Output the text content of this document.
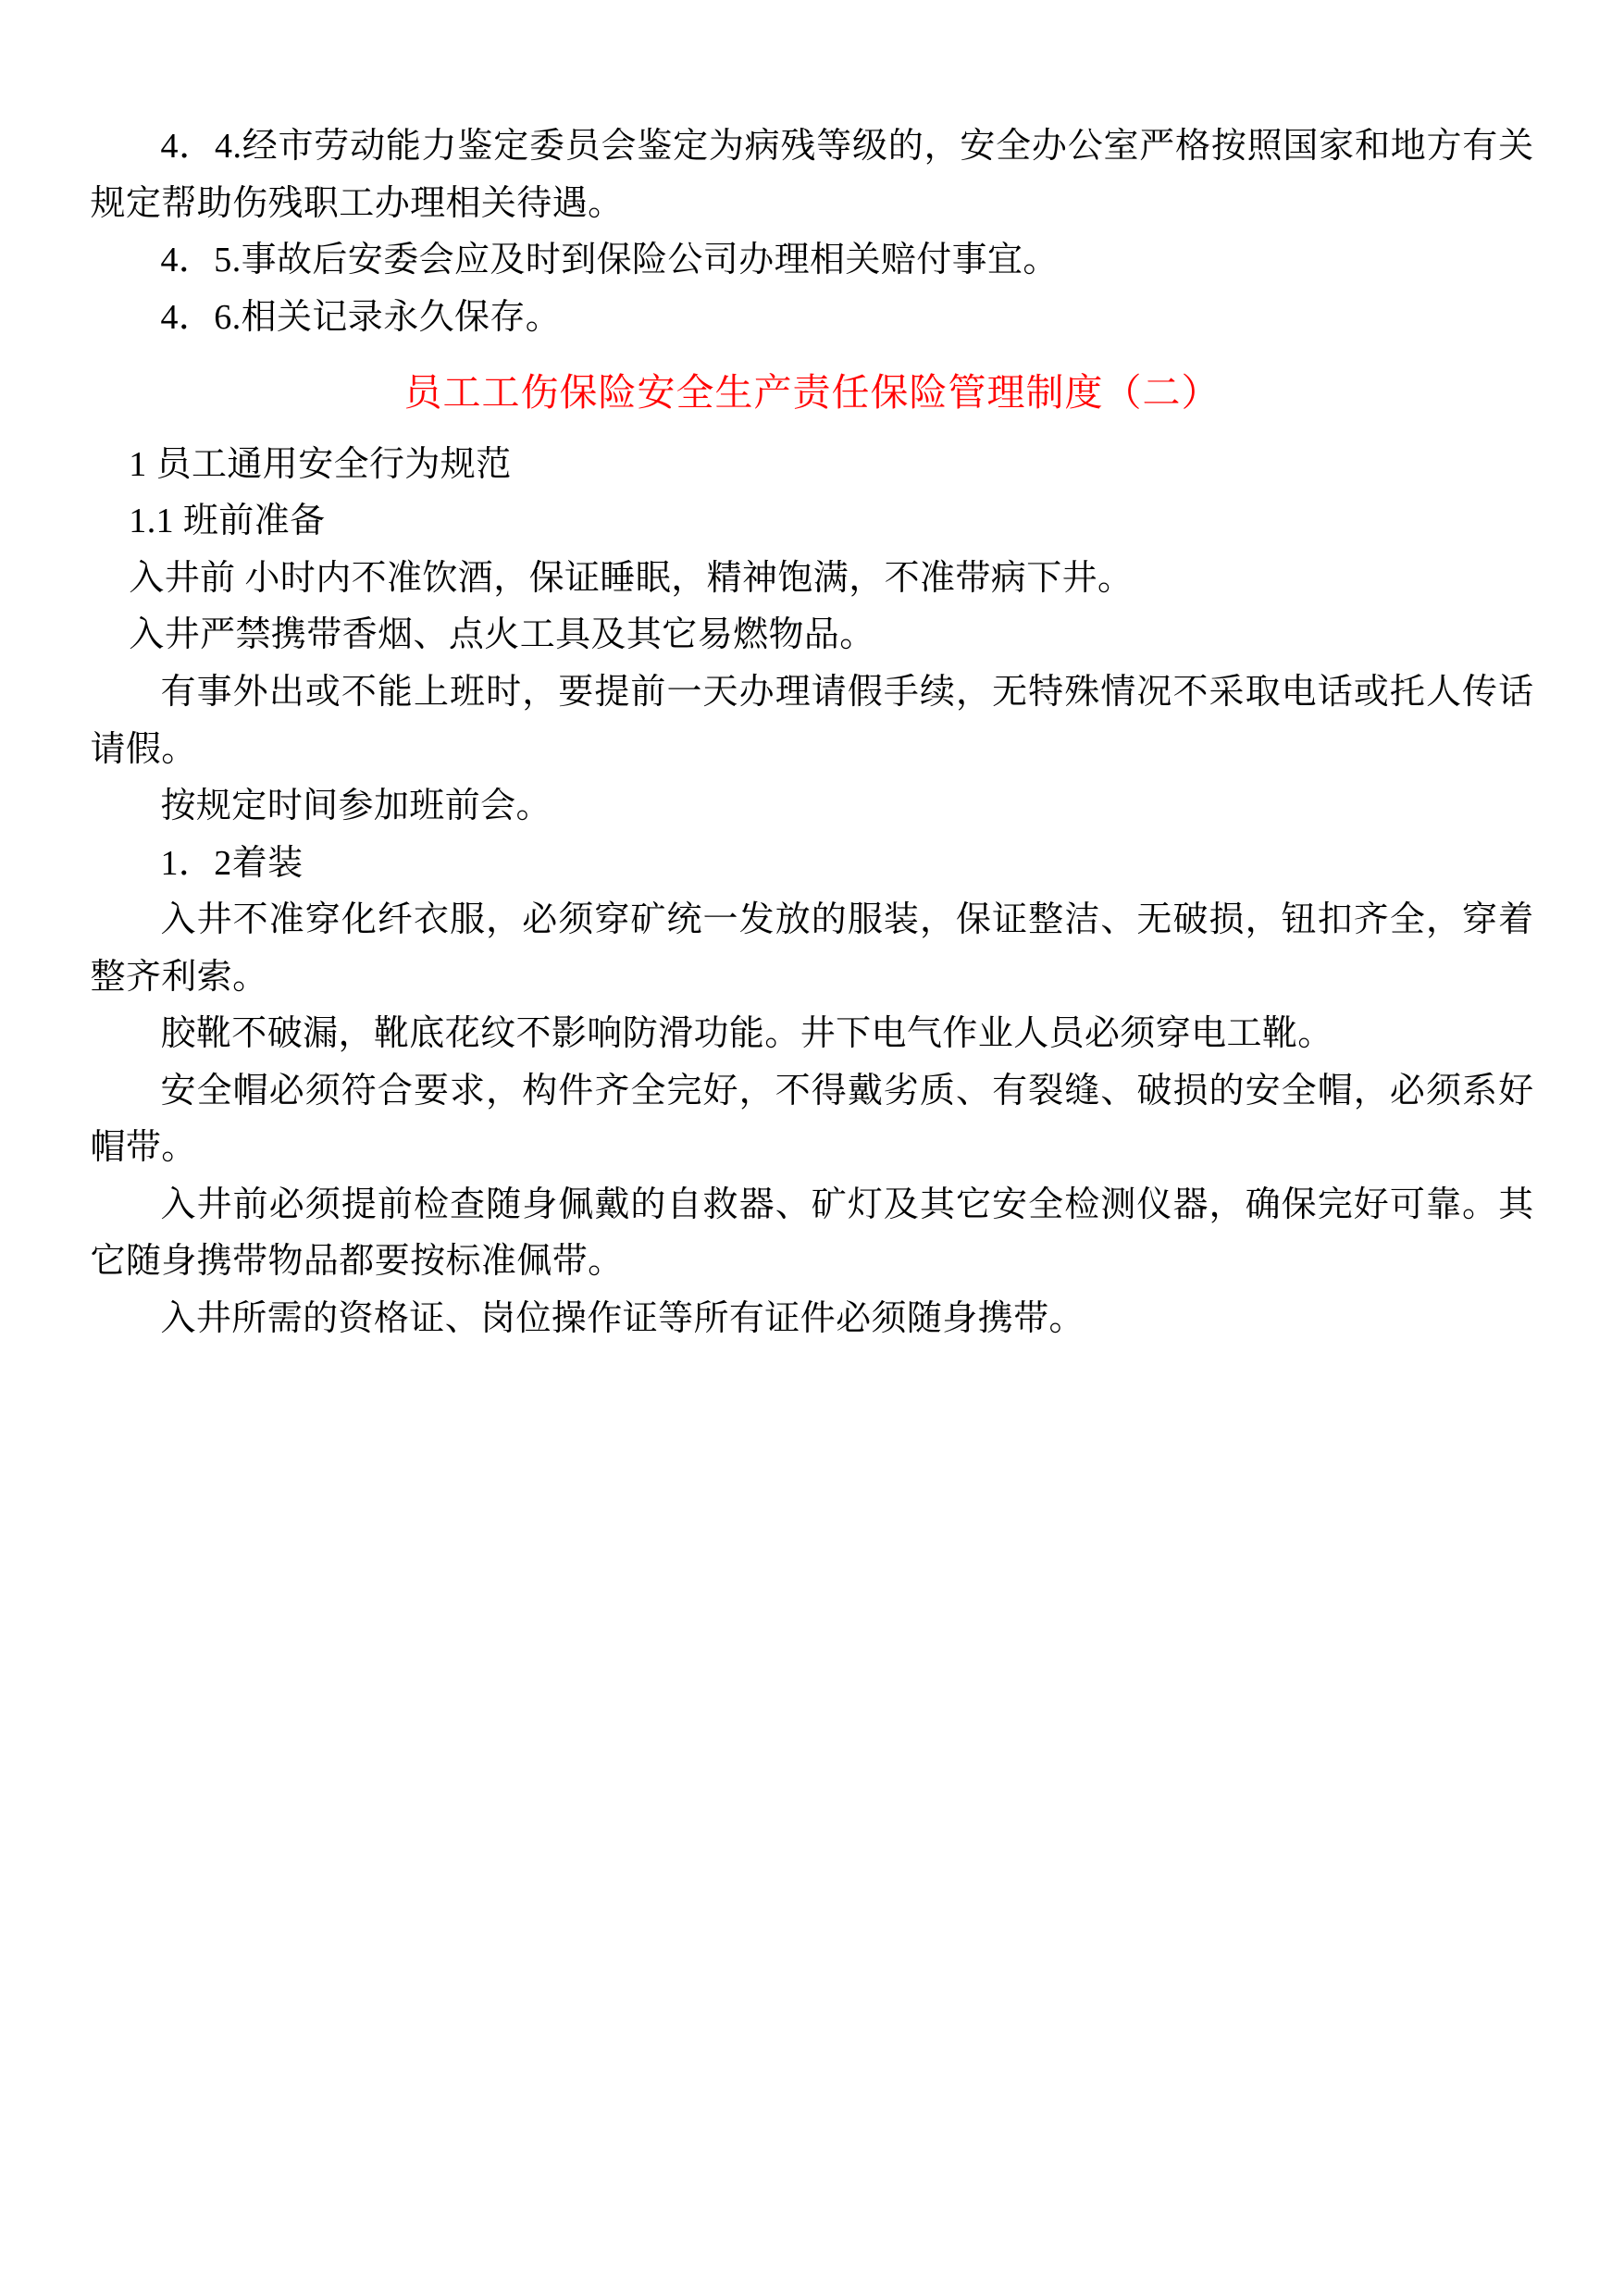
4．4.经市劳动能力鉴定委员会鉴定为病残等级的，安全办公室严格按照国家和地方有关规定帮助伤残职工办理相关待遇。

4．5.事故后安委会应及时到保险公司办理相关赔付事宜。

4．6.相关记录永久保存。

员工工伤保险安全生产责任保险管理制度（二）

1 员工通用安全行为规范

1.1 班前准备

入井前 小时内不准饮酒，保证睡眠，精神饱满，不准带病下井。

入井严禁携带香烟、点火工具及其它易燃物品。

有事外出或不能上班时，要提前一天办理请假手续，无特殊情况不采取电话或托人传话请假。

按规定时间参加班前会。

1．2着装

入井不准穿化纤衣服，必须穿矿统一发放的服装，保证整洁、无破损，钮扣齐全，穿着整齐利索。

胶靴不破漏，靴底花纹不影响防滑功能。井下电气作业人员必须穿电工靴。

安全帽必须符合要求，构件齐全完好，不得戴劣质、有裂缝、破损的安全帽，必须系好帽带。

入井前必须提前检查随身佩戴的自救器、矿灯及其它安全检测仪器，确保完好可靠。其它随身携带物品都要按标准佩带。

入井所需的资格证、岗位操作证等所有证件必须随身携带。
